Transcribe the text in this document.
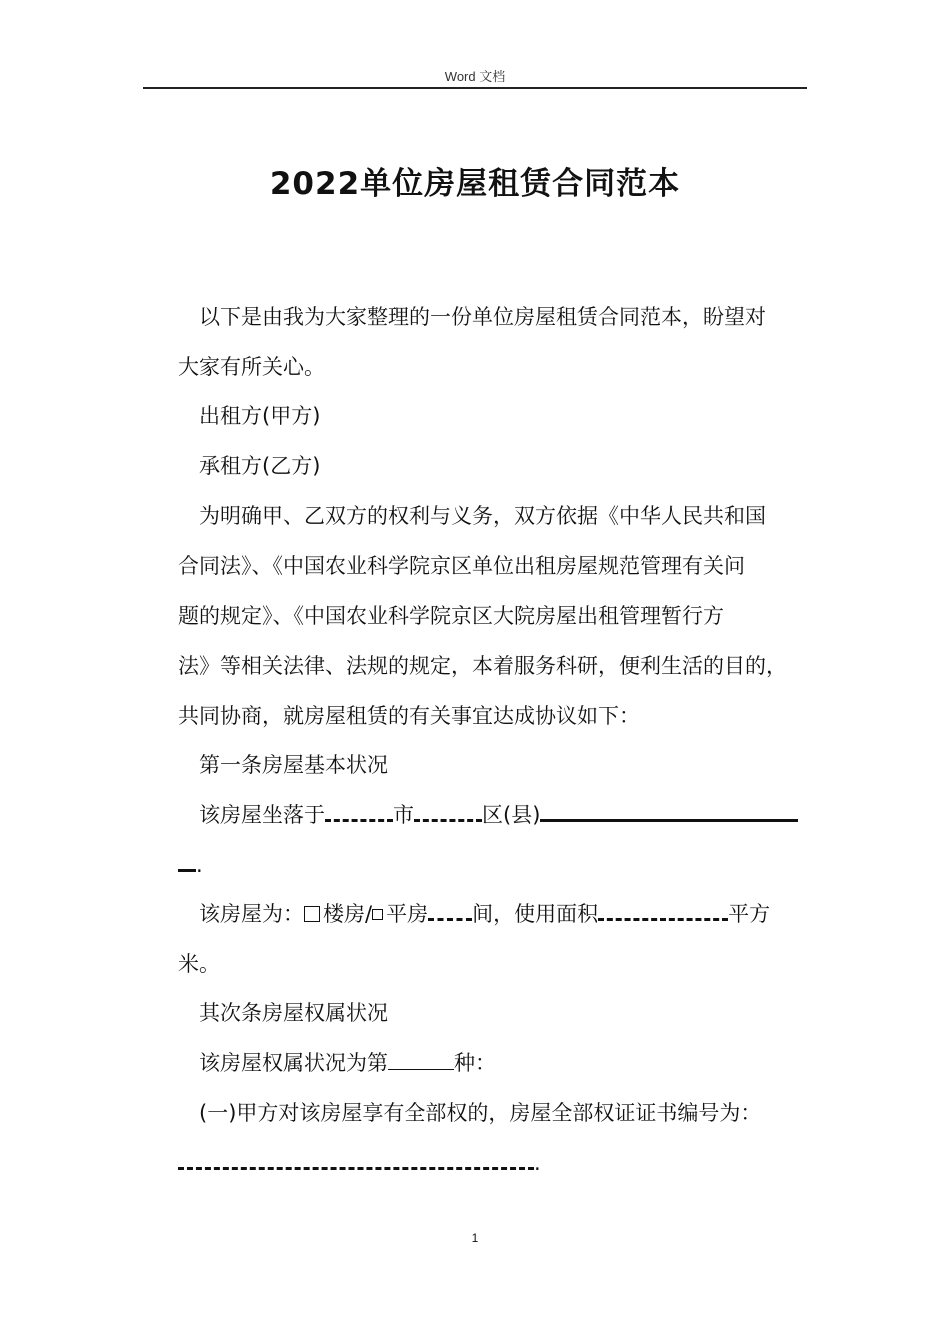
Word 文档
2022单位房屋租赁合同范本
以下是由我为大家整理的一份单位房屋租赁合同范本，盼望对
大家有所关心。
出租方(甲方)
承租方(乙方)
为明确甲、乙双方的权利与义务，双方依据《中华人民共和国
合同法》、《中国农业科学院京区单位出租房屋规范管理有关问
题的规定》、《中国农业科学院京区大院房屋出租管理暂行方
法》等相关法律、法规的规定，本着服务科研，便利生活的目的，
共同协商，就房屋租赁的有关事宜达成协议如下：
第一条房屋基本状况
该房屋坐落于	市	区(县)
.
该房屋为： 楼房/ 平房 间，使用面积	平方
米。
其次条房屋权属状况
该房屋权属状况为第	种：
(一)甲方对该房屋享有全部权的，房屋全部权证证书编号为：
.
1
